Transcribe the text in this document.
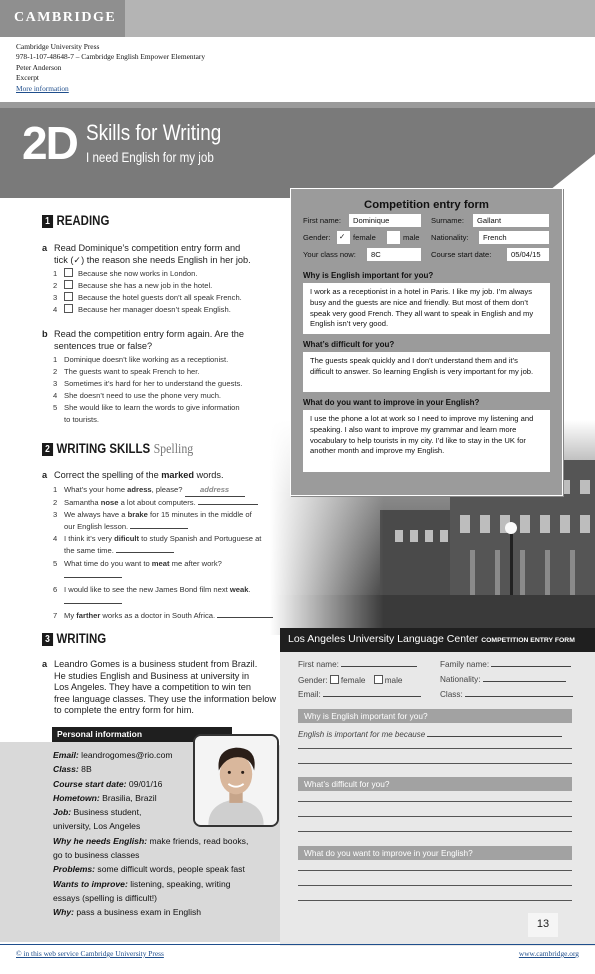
CAMBRIDGE
Cambridge University Press
978-1-107-48648-7 – Cambridge English Empower Elementary
Peter Anderson
Excerpt
More information
2D Skills for Writing
I need English for my job
1 READING
a Read Dominique’s competition entry form and
tick (✓) the reason she needs English in her job.
1	Because she now works in London.
2	Because she has a new job in the hotel.
3	Because the hotel guests don’t all speak French.
4	Because her manager doesn’t speak English.
b Read the competition entry form again. Are the
sentences true or false?
1 Dominique doesn’t like working as a receptionist.
2 The guests want to speak French to her.
3 Sometimes it’s hard for her to understand the guests.
4 She doesn’t need to use the phone very much.
5 She would like to learn the words to give information
to tourists.
2 WRITING SKILLS Spelling
a Correct the spelling of the marked words.
1 What’s your home adress, please? address
2 Samantha nose a lot about computers.
3 We always have a brake for 15 minutes in the middle of
our English lesson.
4 I think it’s very dificult to study Spanish and Portuguese at
the same time.
5 What time do you want to meat me after work?
6 I would like to see the new James Bond film next weak.
7 My farther works as a doctor in South Africa.
3 WRITING
a Leandro Gomes is a business student from Brazil.
He studies English and Business at university in
Los Angeles. They have a competition to win ten
free language classes. They use the information below
to complete the entry form for him.
Personal information
Email: leandrogomes@rio.com
Class: 8B
Course start date: 09/01/16
Hometown: Brasilia, Brazil
Job: Business student,
university, Los Angeles
Why he needs English: make friends, read books,
go to business classes
Problems: some difficult words, people speak fast
Wants to improve: listening, speaking, writing
essays (spelling is difficult!)
Why: pass a business exam in English
Competition entry form
First name:	Dominique	Surname:	Gallant
Gender: ✓	female	male Nationality:	French
Your class now:	8C	Course start date:	05/04/15
Why is English important for you?
I work as a receptionist in a hotel in Paris. I like my job. I’m always busy and the guests are nice and friendly. But most of them don’t speak very good French. They all want to speak in English and my English isn’t very good.
What’s difficult for you?
The guests speak quickly and I don’t understand them and it’s difficult to answer. So learning English is very important for my job.
What do you want to improve in your English?
I use the phone a lot at work so I need to improve my listening and speaking. I also want to improve my grammar and learn more vocabulary to help tourists in my city. I’d like to stay in the UK for another month and improve my English.
Los Angeles University Language Center COMPETITION ENTRY FORM
First name:	Family name:
Gender: female male	Nationality:
Email:	Class:
Why is English important for you?
English is important for me because
What’s difficult for you?
What do you want to improve in your English?
13
© in this web service Cambridge University Press	www.cambridge.org
